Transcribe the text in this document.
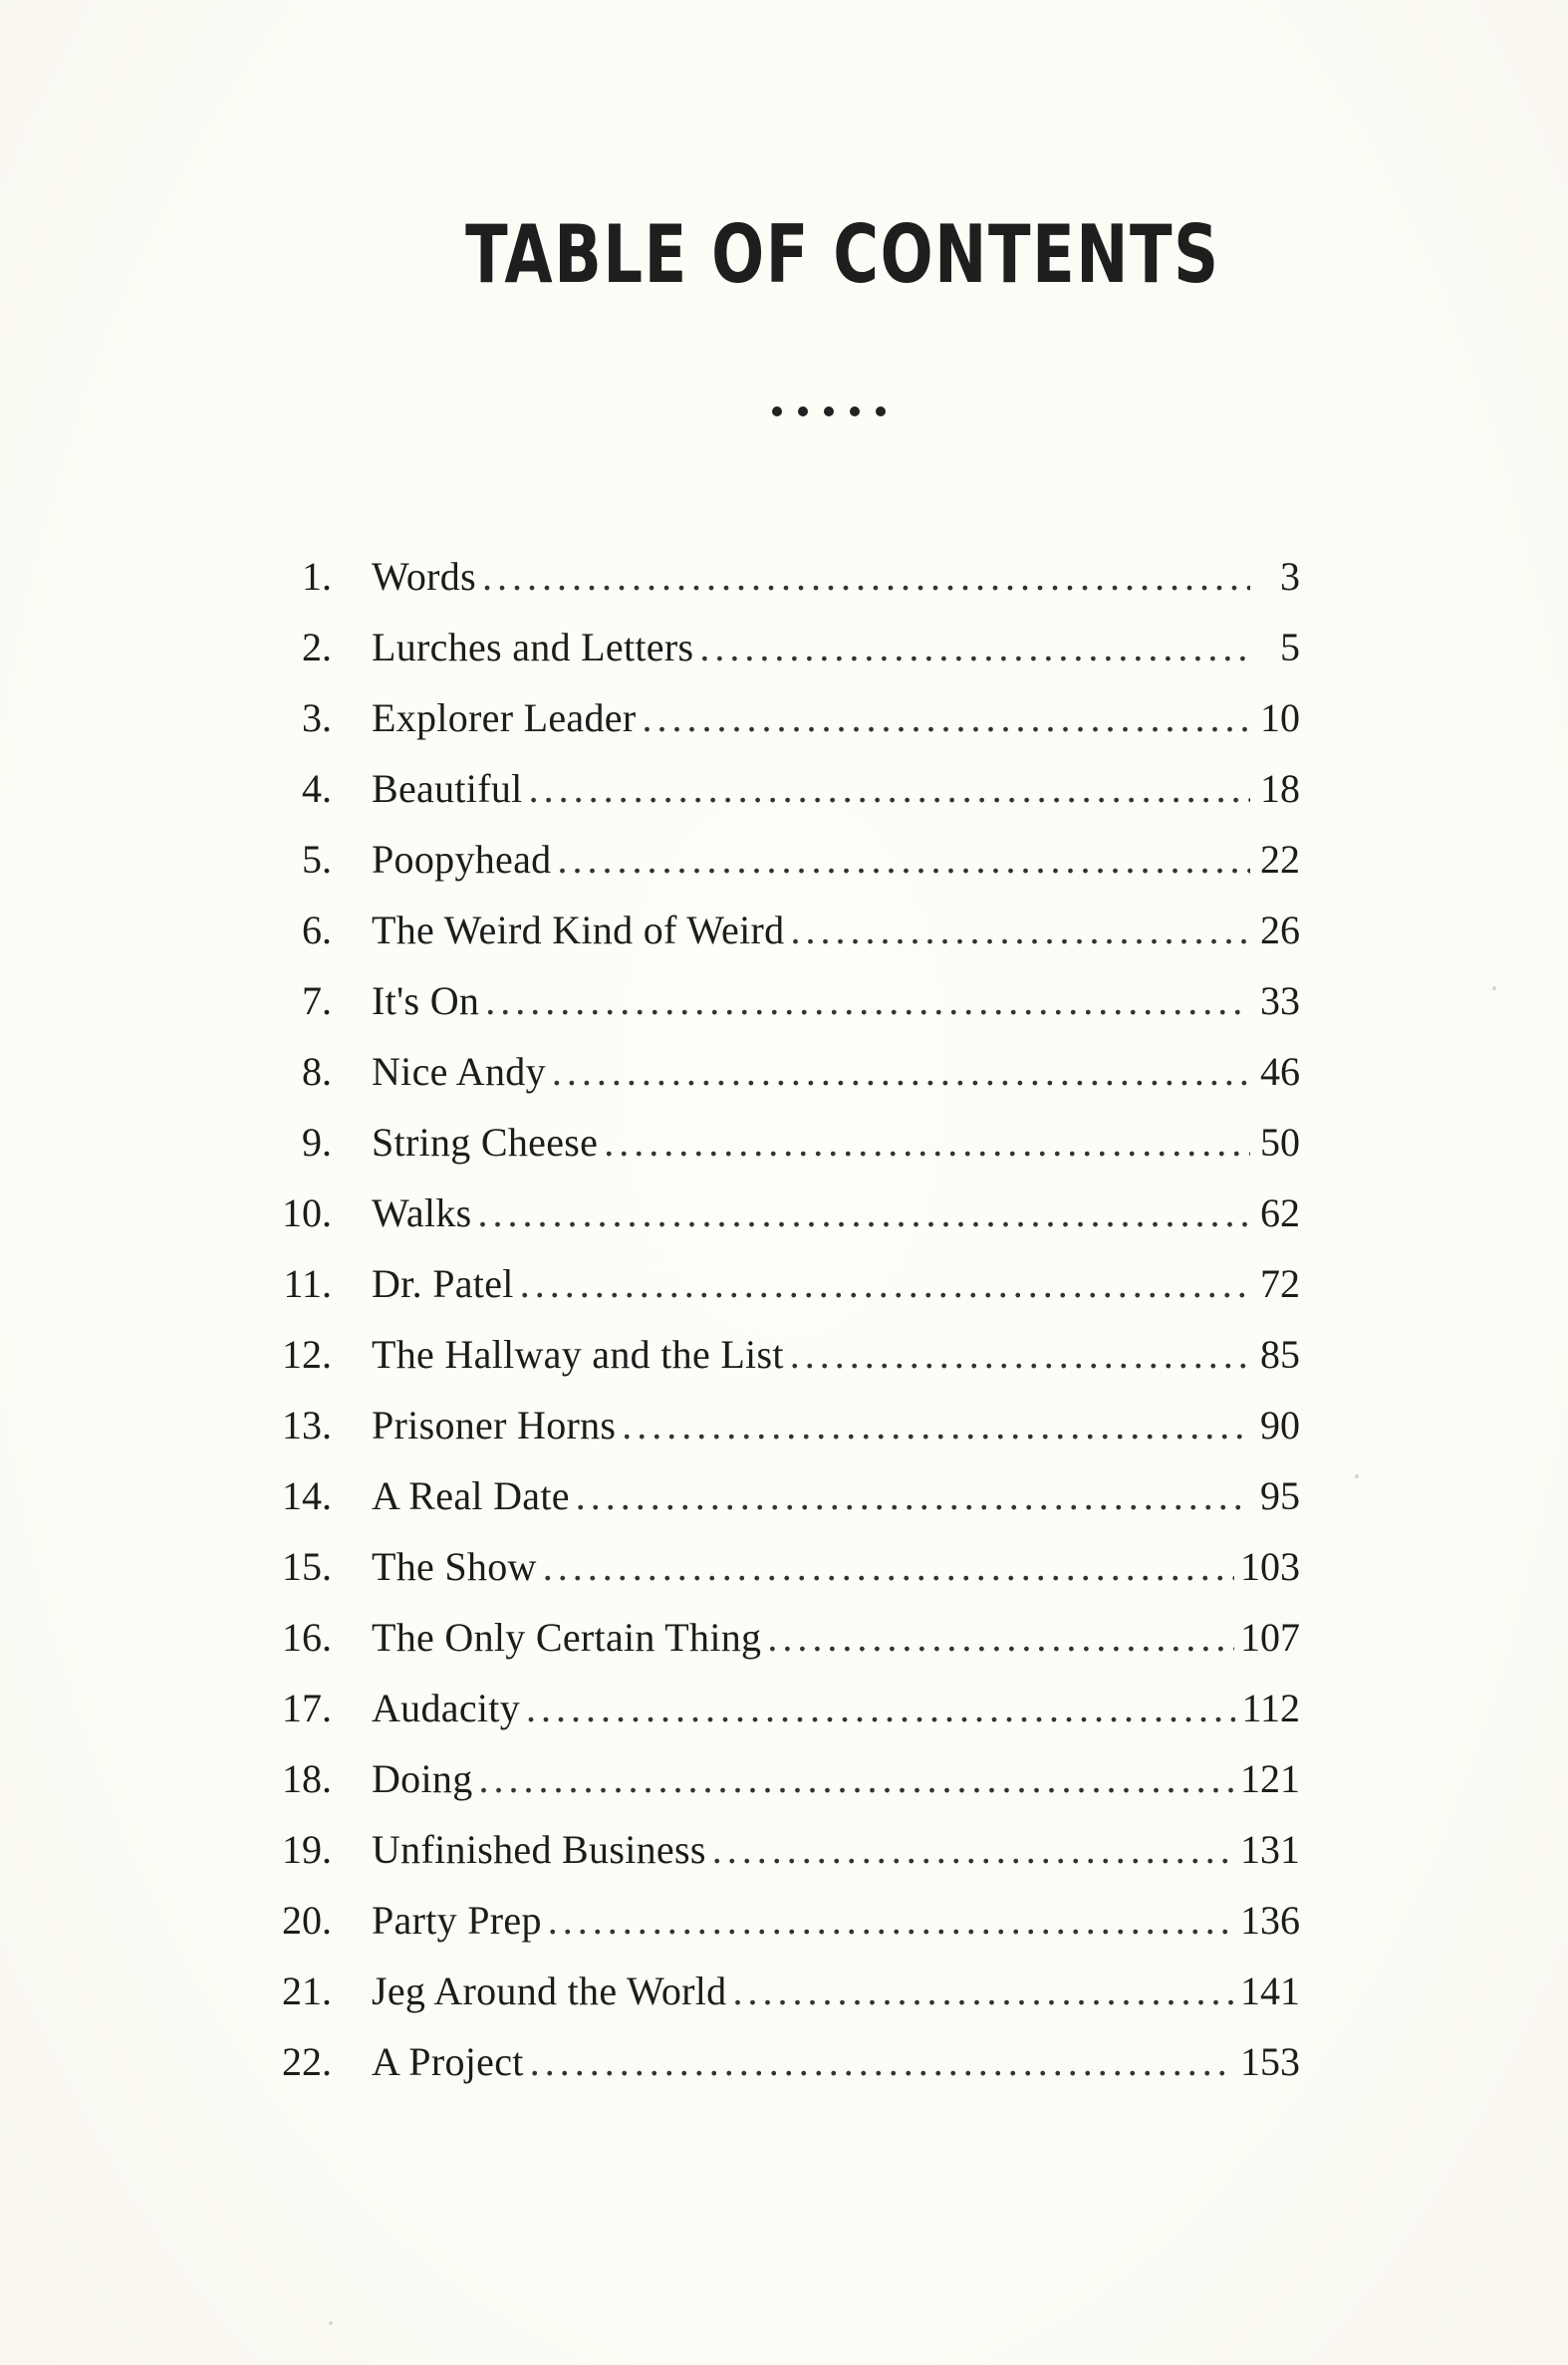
TABLE OF CONTENTS
1. Words .....	3
2. Lurches and Letters .....	5
3. Explorer Leader .....	10
4. Beautiful .....	18
5. Poopyhead .....	22
6. The Weird Kind of Weird .....	26
7. It's On .....	33
8. Nice Andy .....	46
9. String Cheese .....	50
10. Walks .....	62
11. Dr. Patel .....	72
12. The Hallway and the List .....	85
13. Prisoner Horns .....	90
14. A Real Date .....	95
15. The Show .....	103
16. The Only Certain Thing .....	107
17. Audacity .....	112
18. Doing .....	121
19. Unfinished Business .....	131
20. Party Prep .....	136
21. Jeg Around the World .....	141
22. A Project .....	153
